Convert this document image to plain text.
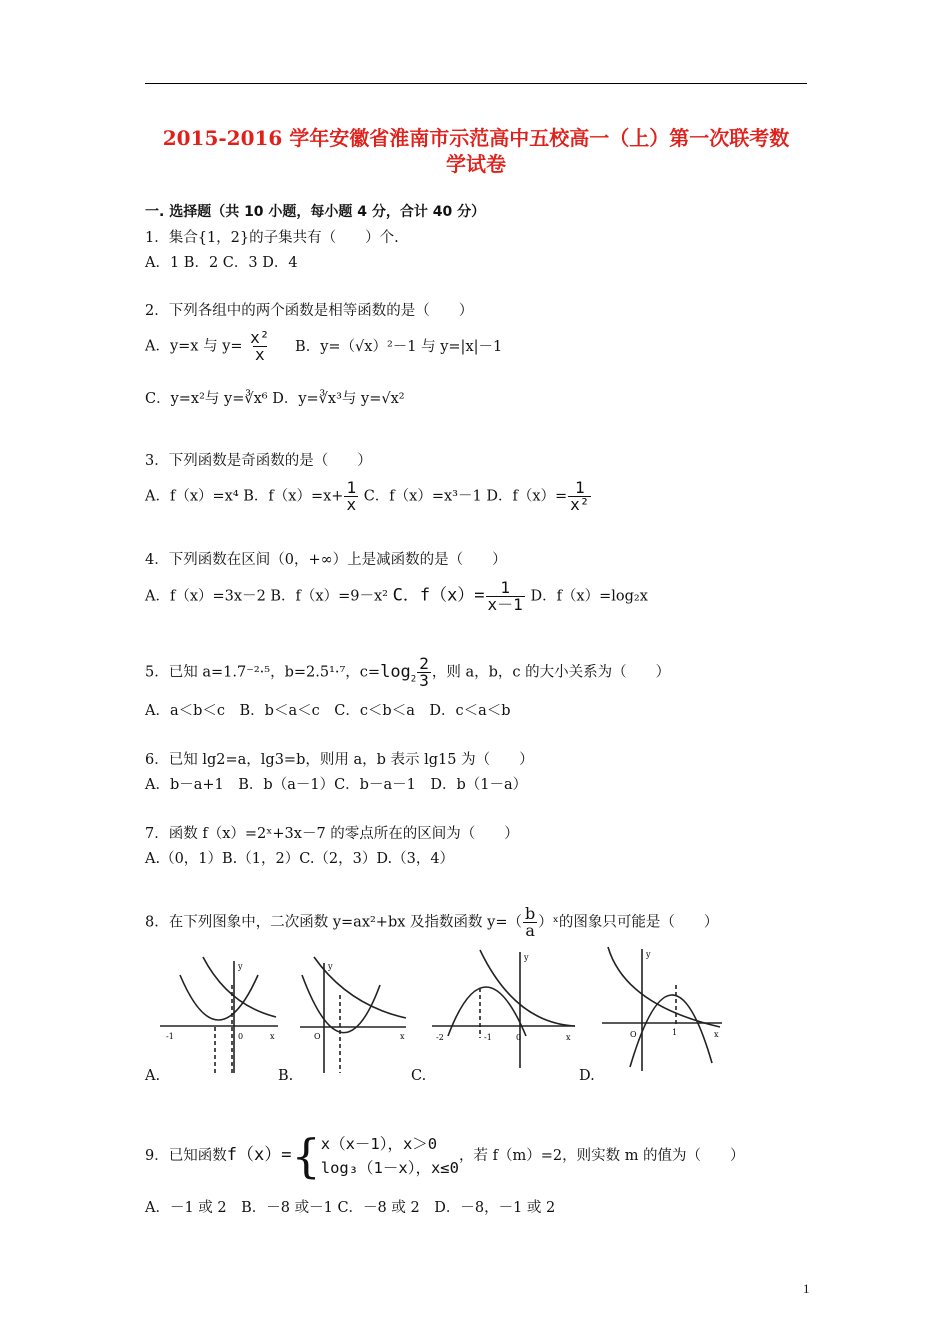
2015-2016 学年安徽省淮南市示范高中五校高一（上）第一次联考数
学试卷
一. 选择题（共 10 小题，每小题 4 分，合计 40 分）
1．集合{1，2}的子集共有（　　）个.
A．1 B．2 C．3 D．4
2．下列各组中的两个函数是相等函数的是（　　）
A．y=x 与 $y= \frac{\text{x²}}{x}$ B．y=（√x）²－1 与 y=|x|－1
C．y=x²与 y=∛x⁶ D．y=∛x³与 y=√x²
3．下列函数是奇函数的是（　　）
A．f（x）=x⁴ B．$f(x)=x+ \frac{1}{x}$ C．f（x）=x³－1 D．$f(x)= \frac{1}{\text{x²}}$
4．下列函数在区间（0，+∞）上是减函数的是（　　）
A．f（x）=3x－2 B．f（x）=9－x² C．$f(x)= \frac{1}{x-1}$ D．f（x）=log₂x
5．已知 a=1.7⁻²·⁵，b=2.5¹·⁷，$c=\log_2 \frac{2}{3}$ ，则 a，b，c 的大小关系为（　　）
A．a＜b＜c　B．b＜a＜c　C．c＜b＜a　D．c＜a＜b
6．已知 lg2=a，lg3=b，则用 a，b 表示 lg15 为（　　）
A．b－a+1　B．b（a－1）C．b－a－1　D．b（1－a）
7．函数 f（x）=2ˣ+3x－7 的零点所在的区间为（　　）
A.（0，1）B.（1，2）C.（2，3）D.（3，4）
8．在下列图象中，二次函数 y=ax²+bx 及指数函数 $y=( \frac{b}{a}$ ）ˣ的图象只可能是（　　）
-1	0	x
y
A.
O	x
y
B.
-2	-1	0	x
y
C.
O	1	x
y
D.
9．已知函数f（x）={ x（x－1），x＞0
log₃（1－x），x≤0
，若 f（m）=2，则实数 m 的值为（　　）
A．－1 或 2　B．－8 或－1 C．－8 或 2　D．－8，－1 或 2
1
